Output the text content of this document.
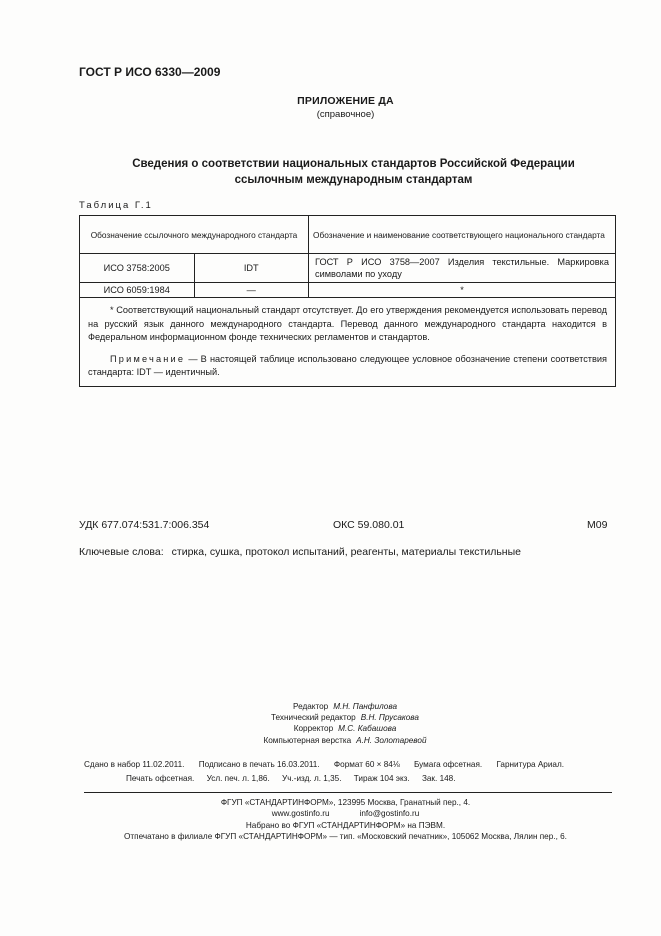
ГОСТ Р ИСО 6330—2009
ПРИЛОЖЕНИЕ ДА
(справочное)
Сведения о соответствии национальных стандартов Российской Федерации
ссылочным международным стандартам
Таблица Г.1
Обозначение ссылочного международного стандарта		Обозначение и наименование соответствующего национального стандарта
ИСО 3758:2005	IDT	ГОСТ Р ИСО 3758—2007 Изделия текстильные. Маркировка символами по уходу
ИСО 6059:1984	—	*

* Соответствующий национальный стандарт отсутствует. До его утверждения рекомендуется использовать перевод на русский язык данного международного стандарта. Перевод данного международного стандарта находится в Федеральном информационном фонде технических регламентов и стандартов.

Примечание — В настоящей таблице использовано следующее условное обозначение степени соответствия стандарта: IDT — идентичный.		

УДК 677.074:531.7:006.354	ОКС 59.080.01	М09
Ключевые слова: стирка, сушка, протокол испытаний, реагенты, материалы текстильные
Редактор М.Н. Панфилова
Технический редактор В.Н. Прусакова
Корректор М.С. Кабашова
Компьютерная верстка А.Н. Золотаревой
Сдано в набор 11.02.2011. Подписано в печать 16.03.2011. Формат 60 × 84⅛ Бумага офсетная. Гарнитура Ариал.
Печать офсетная. Усл. печ. л. 1,86. Уч.-изд. л. 1,35. Тираж 104 экз. Зак. 148.
ФГУП «СТАНДАРТИНФОРМ», 123995 Москва, Гранатный пер., 4.
www.gostinfo.ru	info@gostinfo.ru
Набрано во ФГУП «СТАНДАРТИНФОРМ» на ПЭВМ.
Отпечатано в филиале ФГУП «СТАНДАРТИНФОРМ» — тип. «Московский печатник», 105062 Москва, Лялин пер., 6.
